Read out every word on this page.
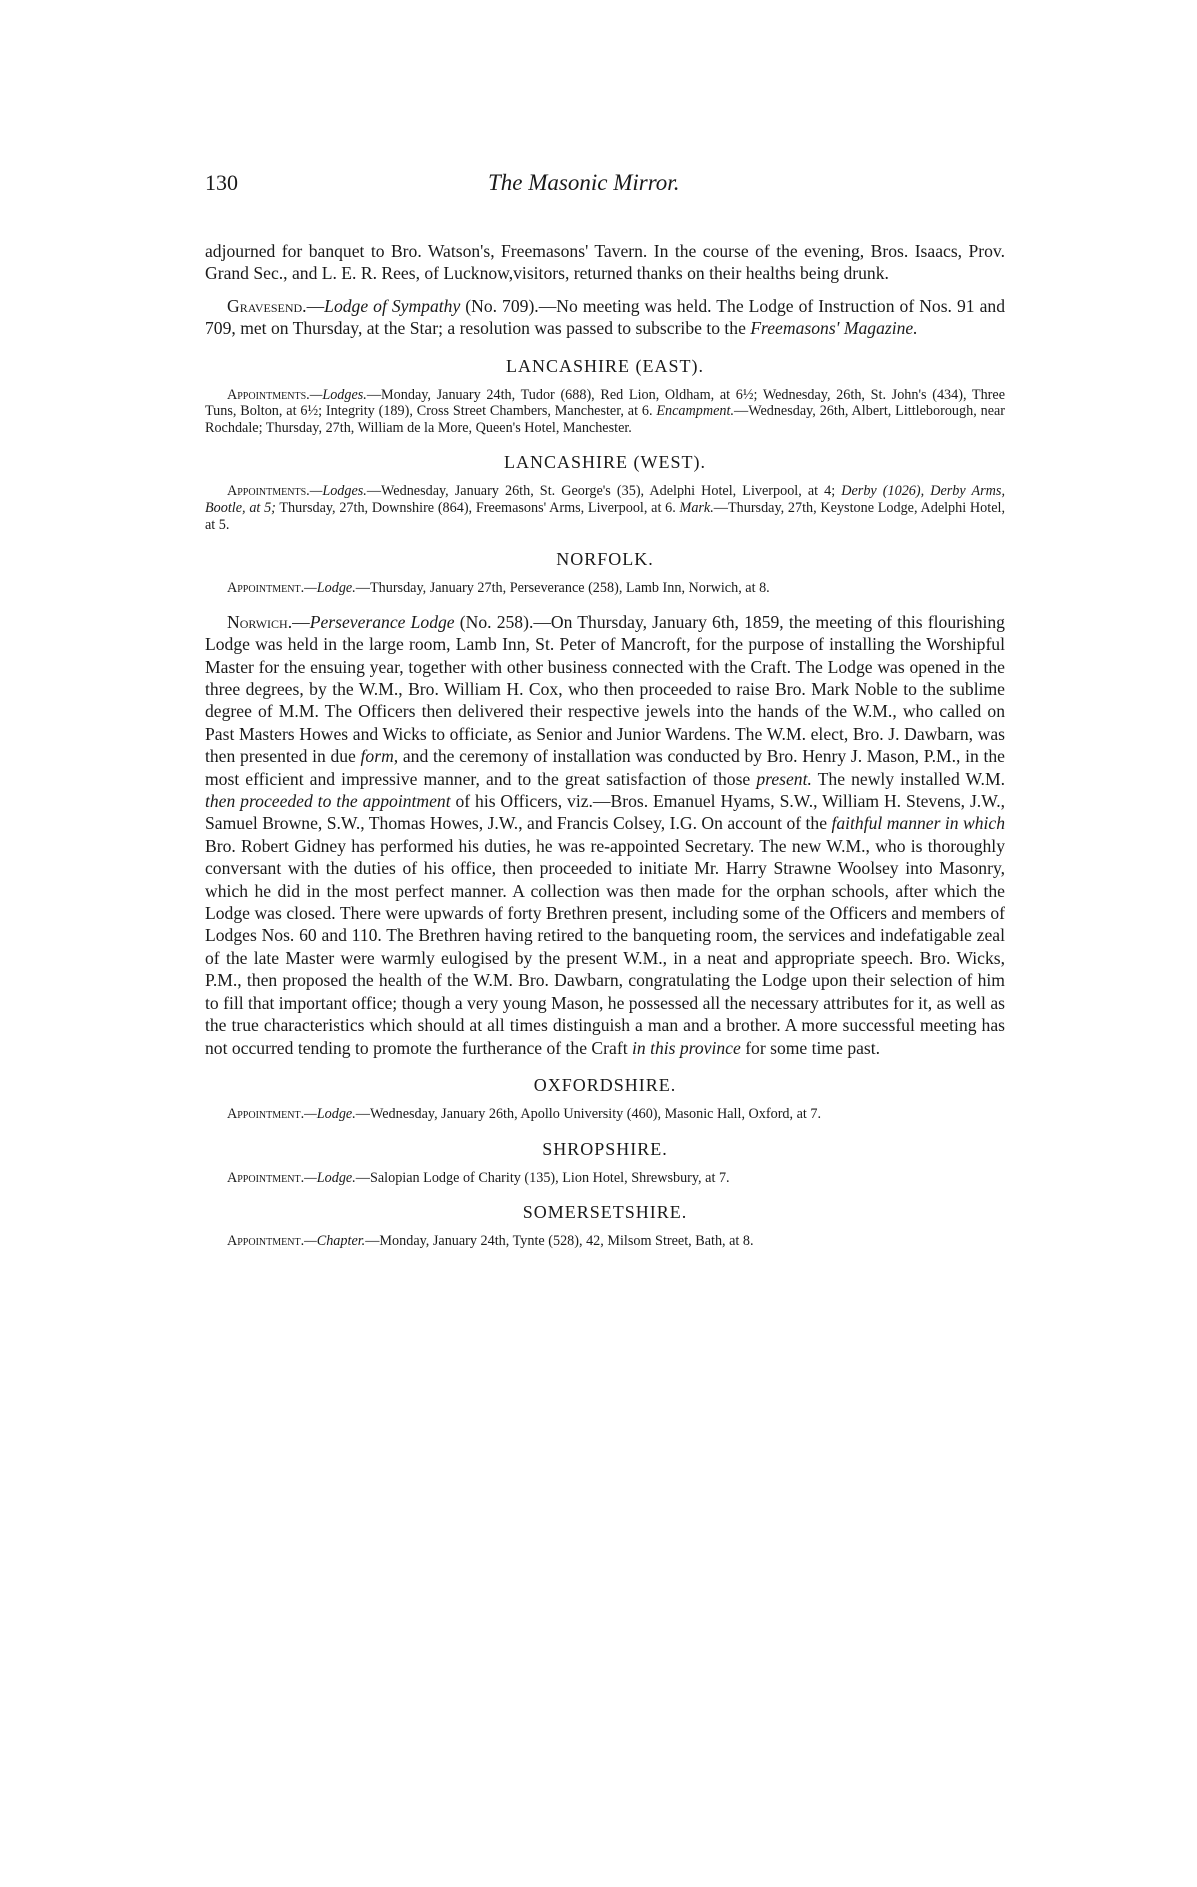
130	The Masonic Mirror.

adjourned for banquet to Bro. Watson's, Freemasons' Tavern. In the course of the evening, Bros. Isaacs, Prov. Grand Sec., and L. E. R. Rees, of Lucknow,visitors, returned thanks on their healths being drunk.

Gravesend.—Lodge of Sympathy (No. 709).—No meeting was held. The Lodge of Instruction of Nos. 91 and 709, met on Thursday, at the Star; a resolution was passed to subscribe to the Freemasons' Magazine.

LANCASHIRE (EAST).

Appointments.—Lodges.—Monday, January 24th, Tudor (688), Red Lion, Oldham, at 6½; Wednesday, 26th, St. John's (434), Three Tuns, Bolton, at 6½; Integrity (189), Cross Street Chambers, Manchester, at 6. Encampment.—Wednesday, 26th, Albert, Littleborough, near Rochdale; Thursday, 27th, William de la More, Queen's Hotel, Manchester.

LANCASHIRE (WEST).

Appointments.—Lodges.—Wednesday, January 26th, St. George's (35), Adelphi Hotel, Liverpool, at 4; Derby (1026), Derby Arms, Bootle, at 5; Thursday, 27th, Downshire (864), Freemasons' Arms, Liverpool, at 6. Mark.—Thursday, 27th, Keystone Lodge, Adelphi Hotel, at 5.

NORFOLK.

Appointment.—Lodge.—Thursday, January 27th, Perseverance (258), Lamb Inn, Norwich, at 8.

Norwich.—Perseverance Lodge (No. 258).—On Thursday, January 6th, 1859, the meeting of this flourishing Lodge was held in the large room, Lamb Inn, St. Peter of Mancroft, for the purpose of installing the Worshipful Master for the ensuing year, together with other business connected with the Craft. The Lodge was opened in the three degrees, by the W.M., Bro. William H. Cox, who then proceeded to raise Bro. Mark Noble to the sublime degree of M.M. The Officers then delivered their respective jewels into the hands of the W.M., who called on Past Masters Howes and Wicks to officiate, as Senior and Junior Wardens. The W.M. elect, Bro. J. Dawbarn, was then presented in due form, and the ceremony of installation was conducted by Bro. Henry J. Mason, P.M., in the most efficient and impressive manner, and to the great satisfaction of those present. The newly installed W.M. then proceeded to the appointment of his Officers, viz.—Bros. Emanuel Hyams, S.W., William H. Stevens, J.W., Samuel Browne, S.W., Thomas Howes, J.W., and Francis Colsey, I.G. On account of the faithful manner in which Bro. Robert Gidney has performed his duties, he was re-appointed Secretary. The new W.M., who is thoroughly conversant with the duties of his office, then proceeded to initiate Mr. Harry Strawne Woolsey into Masonry, which he did in the most perfect manner. A collection was then made for the orphan schools, after which the Lodge was closed. There were upwards of forty Brethren present, including some of the Officers and members of Lodges Nos. 60 and 110. The Brethren having retired to the banqueting room, the services and indefatigable zeal of the late Master were warmly eulogised by the present W.M., in a neat and appropriate speech. Bro. Wicks, P.M., then proposed the health of the W.M. Bro. Dawbarn, congratulating the Lodge upon their selection of him to fill that important office; though a very young Mason, he possessed all the necessary attributes for it, as well as the true characteristics which should at all times distinguish a man and a brother. A more successful meeting has not occurred tending to promote the furtherance of the Craft in this province for some time past.

OXFORDSHIRE.

Appointment.—Lodge.—Wednesday, January 26th, Apollo University (460), Masonic Hall, Oxford, at 7.

SHROPSHIRE.

Appointment.—Lodge.—Salopian Lodge of Charity (135), Lion Hotel, Shrewsbury, at 7.

SOMERSETSHIRE.

Appointment.—Chapter.—Monday, January 24th, Tynte (528), 42, Milsom Street, Bath, at 8.
